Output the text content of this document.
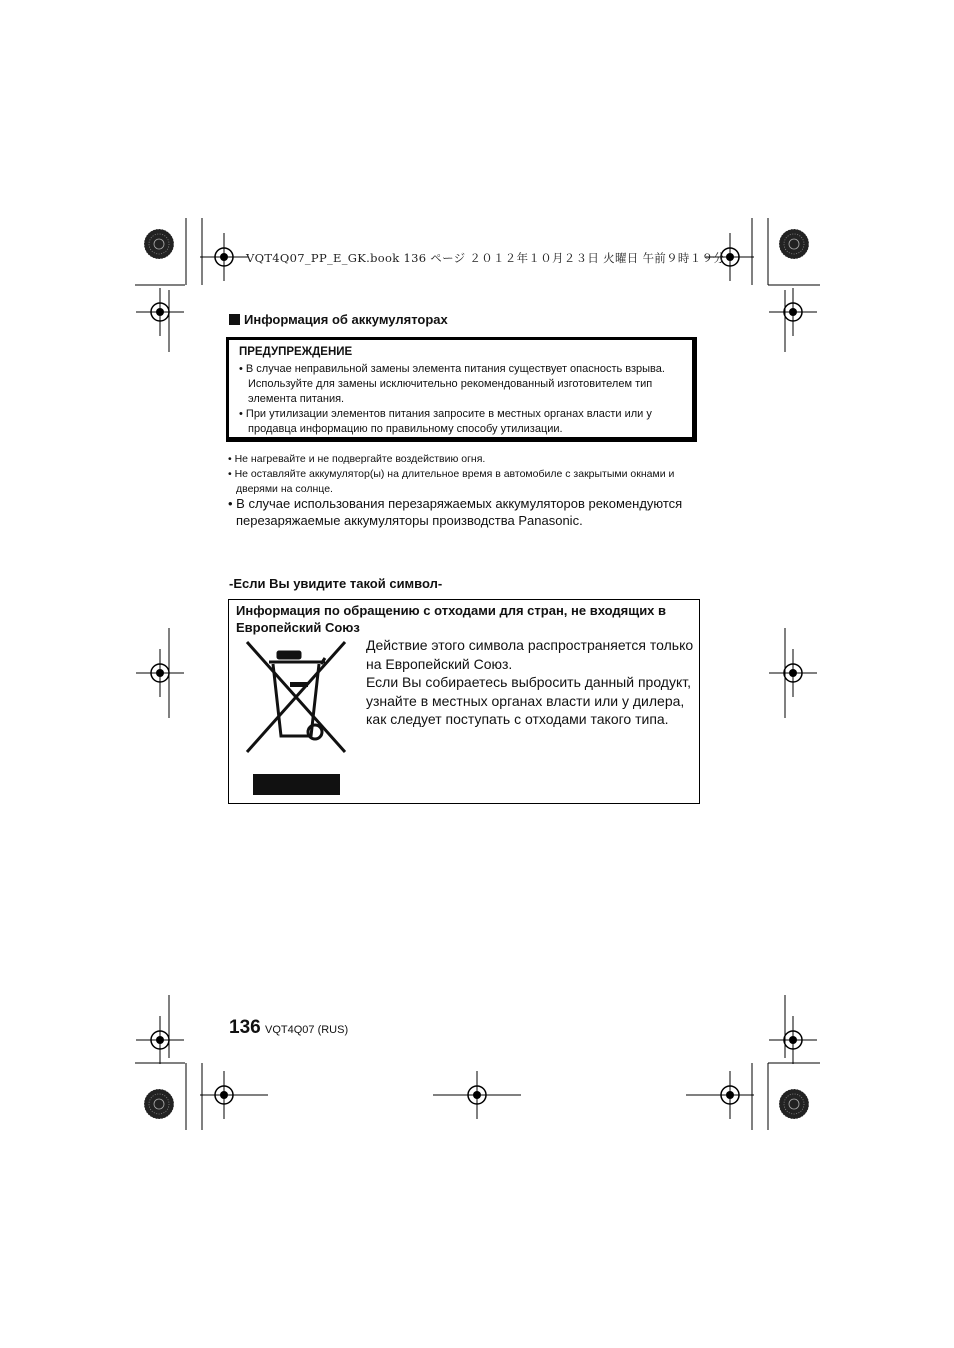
VQT4Q07_PP_E_GK.book 136 ページ ２０１２年１０月２３日 火曜日 午前９時１９分
Информация об аккумуляторах
ПРЕДУПРЕЖДЕНИЕ
• В случае неправильной замены элемента питания существует опасность взрыва. Используйте для замены исключительно рекомендованный изготовителем тип элемента питания.
• При утилизации элементов питания запросите в местных органах власти или у продавца информацию по правильному способу утилизации.
• Не нагревайте и не подвергайте воздействию огня.
• Не оставляйте аккумулятор(ы) на длительное время в автомобиле с закрытыми окнами и дверями на солнце.
• В случае использования перезаряжаемых аккумуляторов рекомендуются перезаряжаемые аккумуляторы производства Panasonic.
-Если Вы увидите такой символ-
Информация по обращению с отходами для стран, не входящих в Европейский Союз
Действие этого символа распространяется только на Европейский Союз.
Если Вы собираетесь выбросить данный продукт, узнайте в местных органах власти или у дилера, как следует поступать с отходами такого типа.
136 VQT4Q07 (RUS)
